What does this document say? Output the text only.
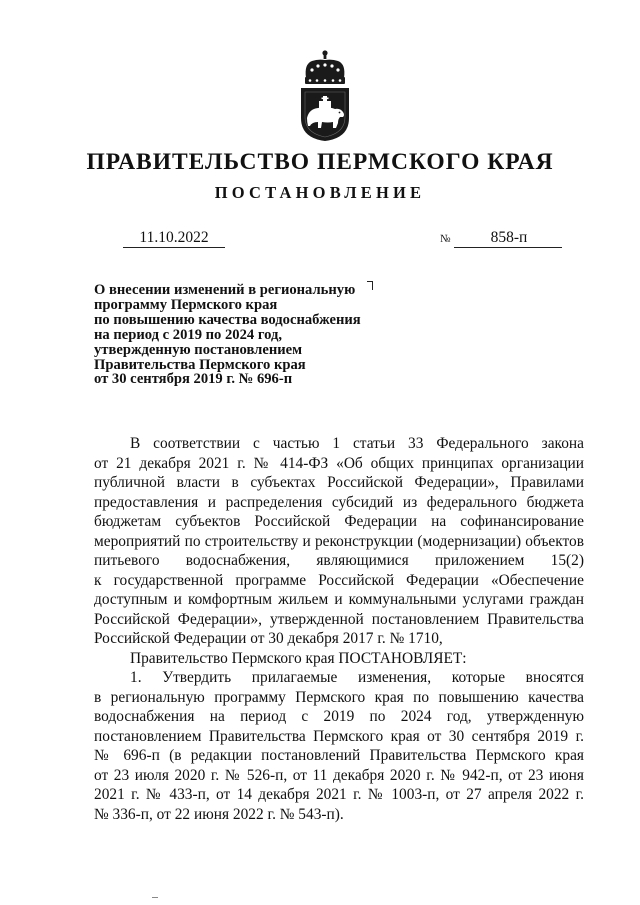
ПРАВИТЕЛЬСТВО ПЕРМСКОГО КРАЯ
ПОСТАНОВЛЕНИЕ
11.10.2022	№	858-п
О внесении изменений в региональную
программу Пермского края
по повышению качества водоснабжения
на период с 2019 по 2024 год,
утвержденную постановлением
Правительства Пермского края
от 30 сентября 2019 г. № 696-п

В соответствии с частью 1 статьи 33 Федерального закона

от 21 декабря 2021 г. № 414-ФЗ «Об общих принципах организации

публичной власти в субъектах Российской Федерации», Правилами

предоставления и распределения субсидий из федерального бюджета

бюджетам субъектов Российской Федерации на софинансирование

мероприятий по строительству и реконструкции (модернизации) объектов

питьевого водоснабжения, являющимися приложением 15(2)

к государственной программе Российской Федерации «Обеспечение

доступным и комфортным жильем и коммунальными услугами граждан

Российской Федерации», утвержденной постановлением Правительства

Российской Федерации от 30 декабря 2017 г. № 1710,

Правительство Пермского края ПОСТАНОВЛЯЕТ:

1. Утвердить прилагаемые изменения, которые вносятся

в региональную программу Пермского края по повышению качества

водоснабжения на период с 2019 по 2024 год, утвержденную

постановлением Правительства Пермского края от 30 сентября 2019 г.

№ 696-п (в редакции постановлений Правительства Пермского края

от 23 июля 2020 г. № 526-п, от 11 декабря 2020 г. № 942-п, от 23 июня

2021 г. № 433-п, от 14 декабря 2021 г. № 1003-п, от 27 апреля 2022 г.

№ 336-п, от 22 июня 2022 г. № 543-п).
